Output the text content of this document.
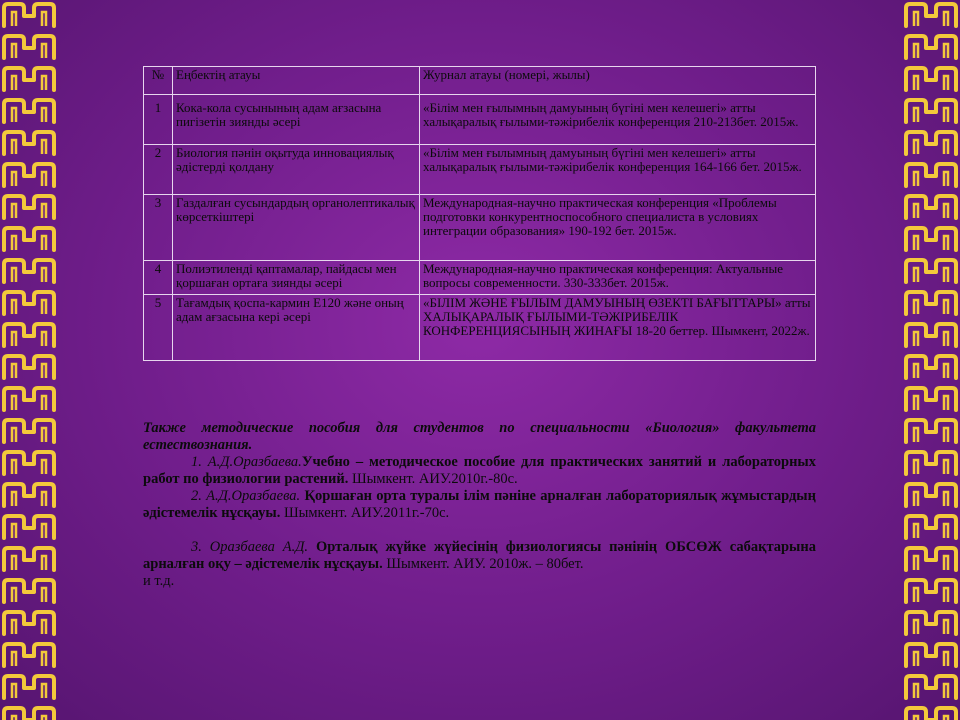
№	Еңбектің атауы	Журнал атауы (номері, жылы)
1	Кока-кола сусынының адам ағзасына пигізетін зиянды әсері	«Білім мен ғылымның дамуының бүгіні мен келешегі» атты халықаралық ғылыми-тәжірибелік конференция 210-213бет. 2015ж.
2	Биология пәнін оқытуда инновациялық әдістерді қолдану	«Білім мен ғылымның дамуының бүгіні мен келешегі» атты халықаралық ғылыми-тәжірибелік конференция 164-166 бет. 2015ж.
3	Газдалған сусындардың органолептикалық көрсеткіштері	Международная-научно практическая конференция «Проблемы подготовки конкурентноспособного специалиста в условиях интеграции образования» 190-192 бет. 2015ж.
4	Полиэтиленді қаптамалар, пайдасы мен қоршаған ортаға зиянды әсері	Международная-научно практическая конференция: Актуальные вопросы современности. 330-333бет. 2015ж.
5	Тағамдық қоспа-кармин Е120 және оның адам ағзасына кері әсері	«БІЛІМ ЖӘНЕ ҒЫЛЫМ ДАМУЫНЫҢ ӨЗЕКТІ БАҒЫТТАРЫ» атты ХАЛЫҚАРАЛЫҚ ҒЫЛЫМИ-ТӘЖІРИБЕЛІК КОНФЕРЕНЦИЯСЫНЫҢ ЖИНАҒЫ 18-20 беттер. Шымкент, 2022ж.

Также методические пособия для студентов по специальности «Биология» факультета естествознания.

1. А.Д.Оразбаева.Учебно – методическое пособие для практических занятий и лабораторных работ по физиологии растений. Шымкент. АИУ.2010г.-80с.

2. А.Д.Оразбаева. Қоршаған орта туралы ілім пәніне арналған лабораториялық жұмыстардың әдістемелік нұсқауы. Шымкент. АИУ.2011г.-70с.

3. Оразбаева А.Д. Орталық жүйке жүйесінің физиологиясы пәнінің ОБСӨЖ сабақтарына арналған оқу – әдістемелік нұсқауы. Шымкент. АИУ. 2010ж. – 80бет.

и т.д.
